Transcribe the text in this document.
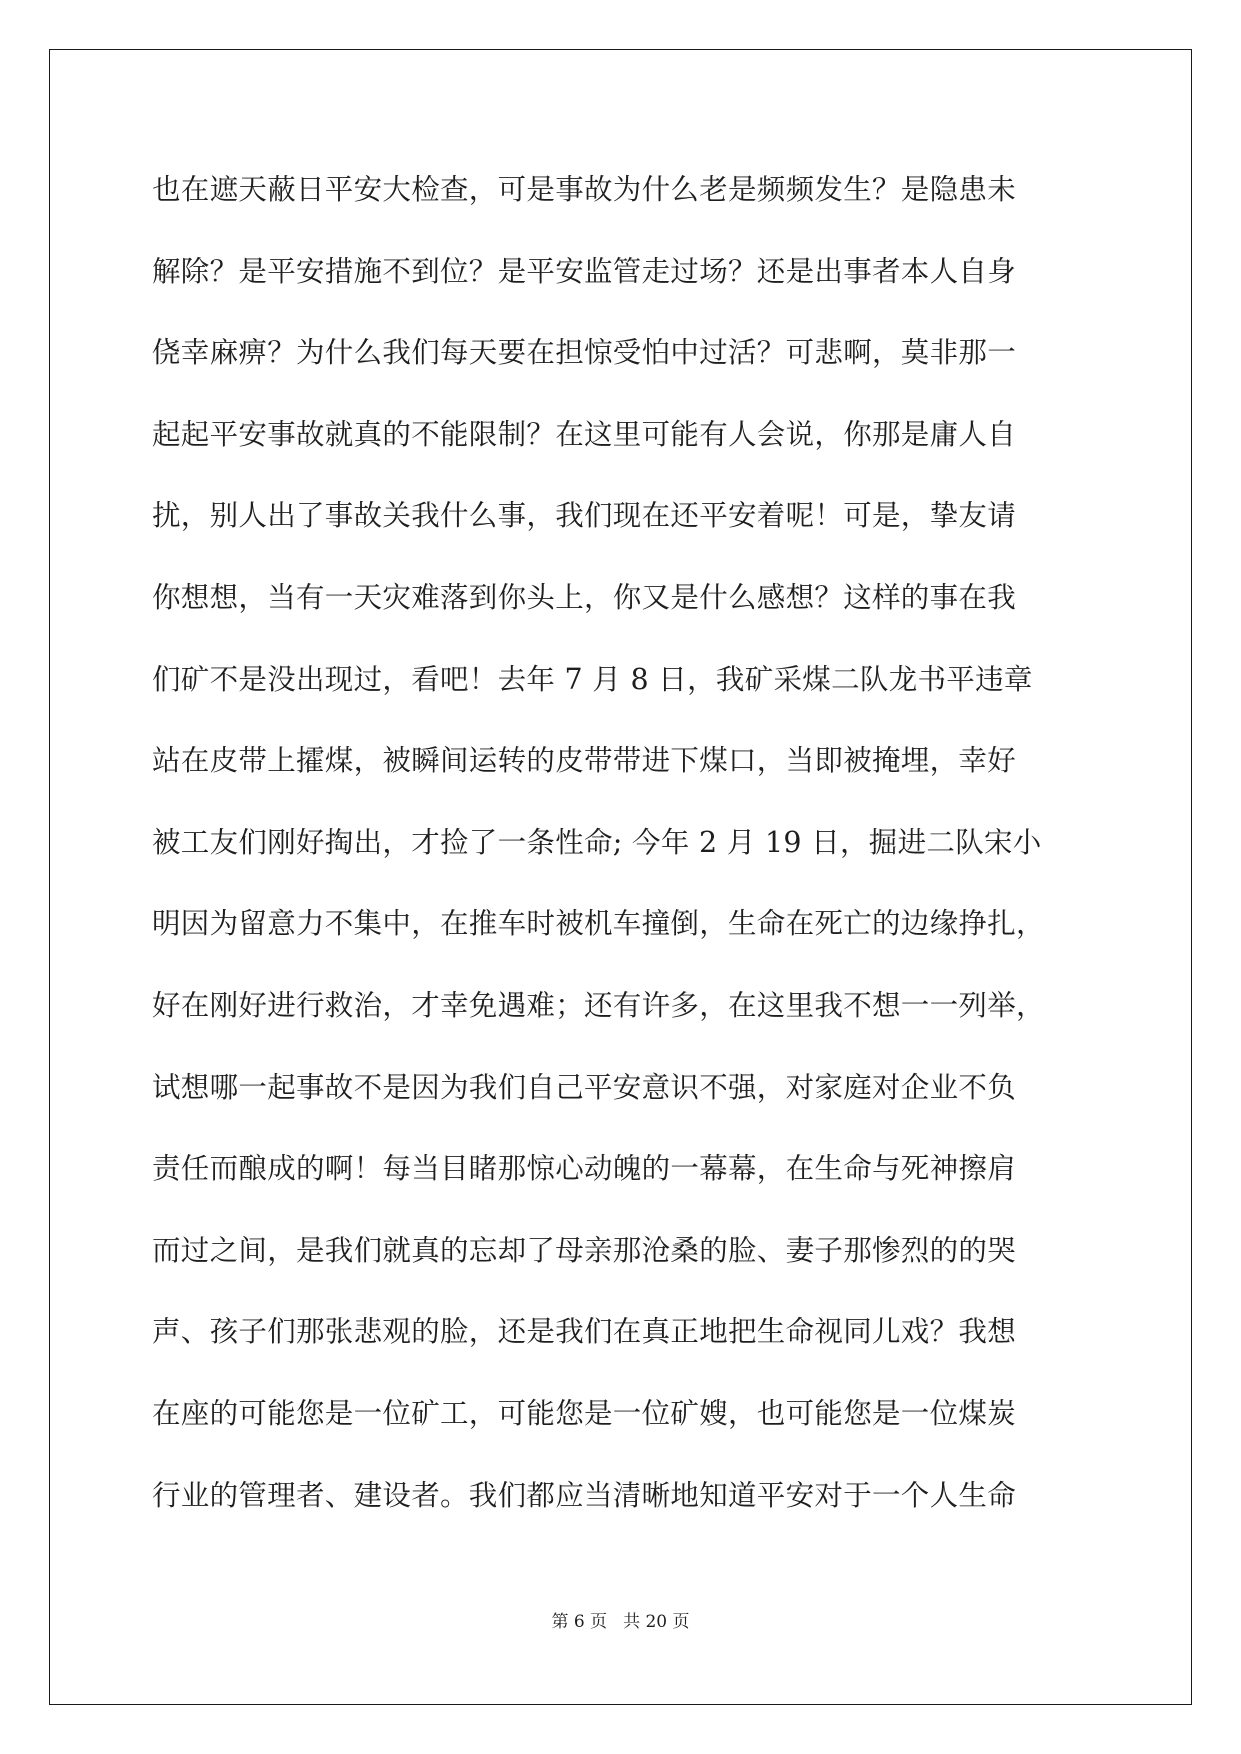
也在遮天蔽日平安大检查，可是事故为什么老是频频发生？是隐患未
解除？是平安措施不到位？是平安监管走过场？还是出事者本人自身
侥幸麻痹？为什么我们每天要在担惊受怕中过活？可悲啊，莫非那一
起起平安事故就真的不能限制？在这里可能有人会说，你那是庸人自
扰，别人出了事故关我什么事，我们现在还平安着呢！可是，挚友请
你想想，当有一天灾难落到你头上，你又是什么感想？这样的事在我
们矿不是没出现过，看吧！去年 7 月 8 日，我矿采煤二队龙书平违章
站在皮带上攉煤，被瞬间运转的皮带带进下煤口，当即被掩埋，幸好
被工友们刚好掏出，才捡了一条性命; 今年 2 月 19 日，掘进二队宋小
明因为留意力不集中，在推车时被机车撞倒，生命在死亡的边缘挣扎，
好在刚好进行救治，才幸免遇难；还有许多，在这里我不想一一列举，
试想哪一起事故不是因为我们自己平安意识不强，对家庭对企业不负
责任而酿成的啊！每当目睹那惊心动魄的一幕幕，在生命与死神擦肩
而过之间，是我们就真的忘却了母亲那沧桑的脸、妻子那惨烈的的哭
声、孩子们那张悲观的脸，还是我们在真正地把生命视同儿戏？我想
在座的可能您是一位矿工，可能您是一位矿嫂，也可能您是一位煤炭
行业的管理者、建设者。我们都应当清晰地知道平安对于一个人生命
第 6 页 共 20 页
